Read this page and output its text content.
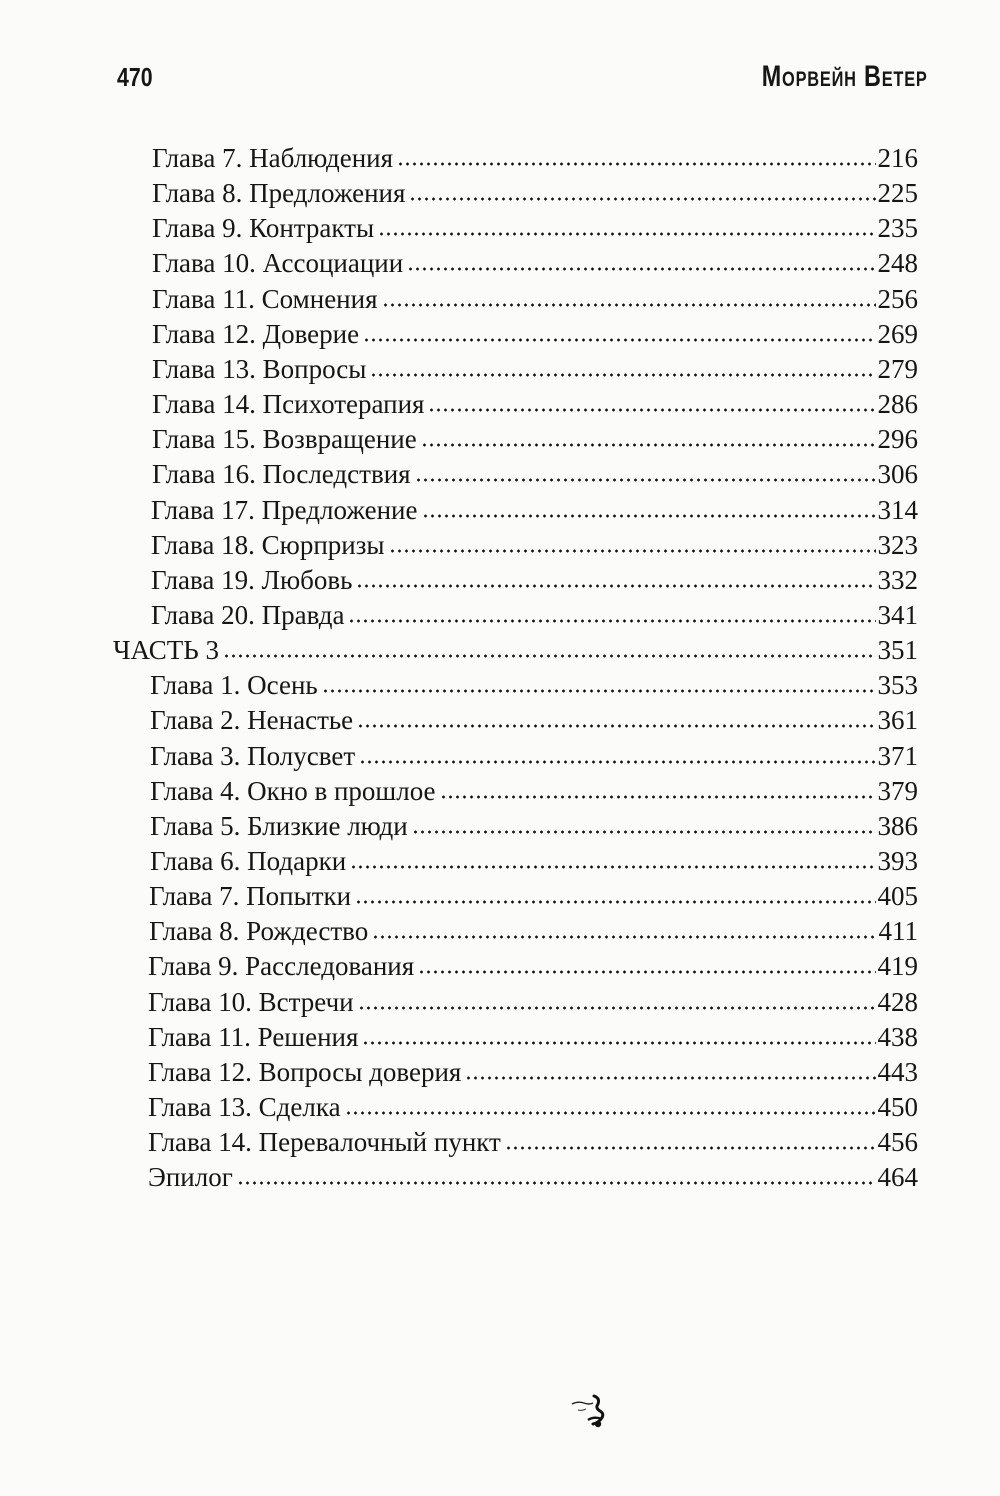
470	Морвейн Ветер
Глава 7. Наблюдения	216
Глава 8. Предложения	225
Глава 9. Контракты	235
Глава 10. Ассоциации	248
Глава 11. Сомнения	256
Глава 12. Доверие	269
Глава 13. Вопросы	279
Глава 14. Психотерапия	286
Глава 15. Возвращение	296
Глава 16. Последствия	306
Глава 17. Предложение	314
Глава 18. Сюрпризы	323
Глава 19. Любовь	332
Глава 20. Правда	341
ЧАСТЬ 3	351
Глава 1. Осень	353
Глава 2. Ненастье	361
Глава 3. Полусвет	371
Глава 4. Окно в прошлое	379
Глава 5. Близкие люди	386
Глава 6. Подарки	393
Глава 7. Попытки	405
Глава 8. Рождество	411
Глава 9. Расследования	419
Глава 10. Встречи	428
Глава 11. Решения	438
Глава 12. Вопросы доверия	443
Глава 13. Сделка	450
Глава 14. Перевалочный пункт	456
Эпилог	464
